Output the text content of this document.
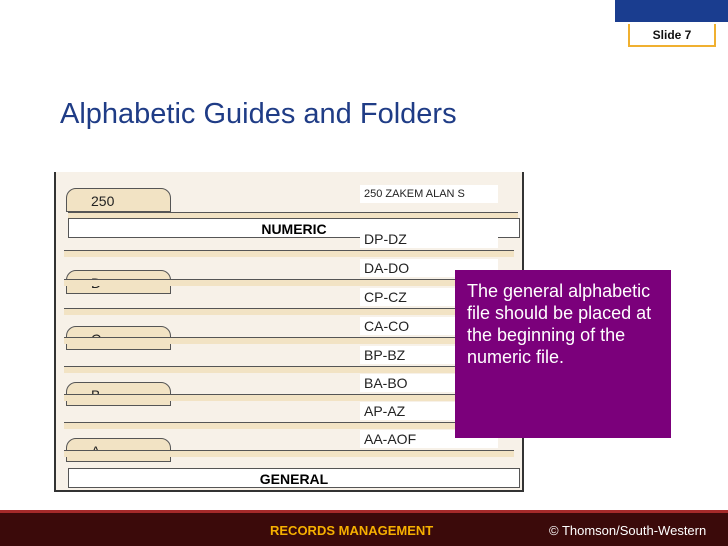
Slide 7
Alphabetic Guides and Folders
250	250 ZAKEM ALAN S
NUMERIC
DP-DZ
DA-DO
CP-CZ
CA-CO
BP-BZ
BA-BO
AP-AZ
AA-AOF
GENERAL
The general alphabetic file should be placed at the beginning of the numeric file.
RECORDS MANAGEMENT	© Thomson/South-Western
